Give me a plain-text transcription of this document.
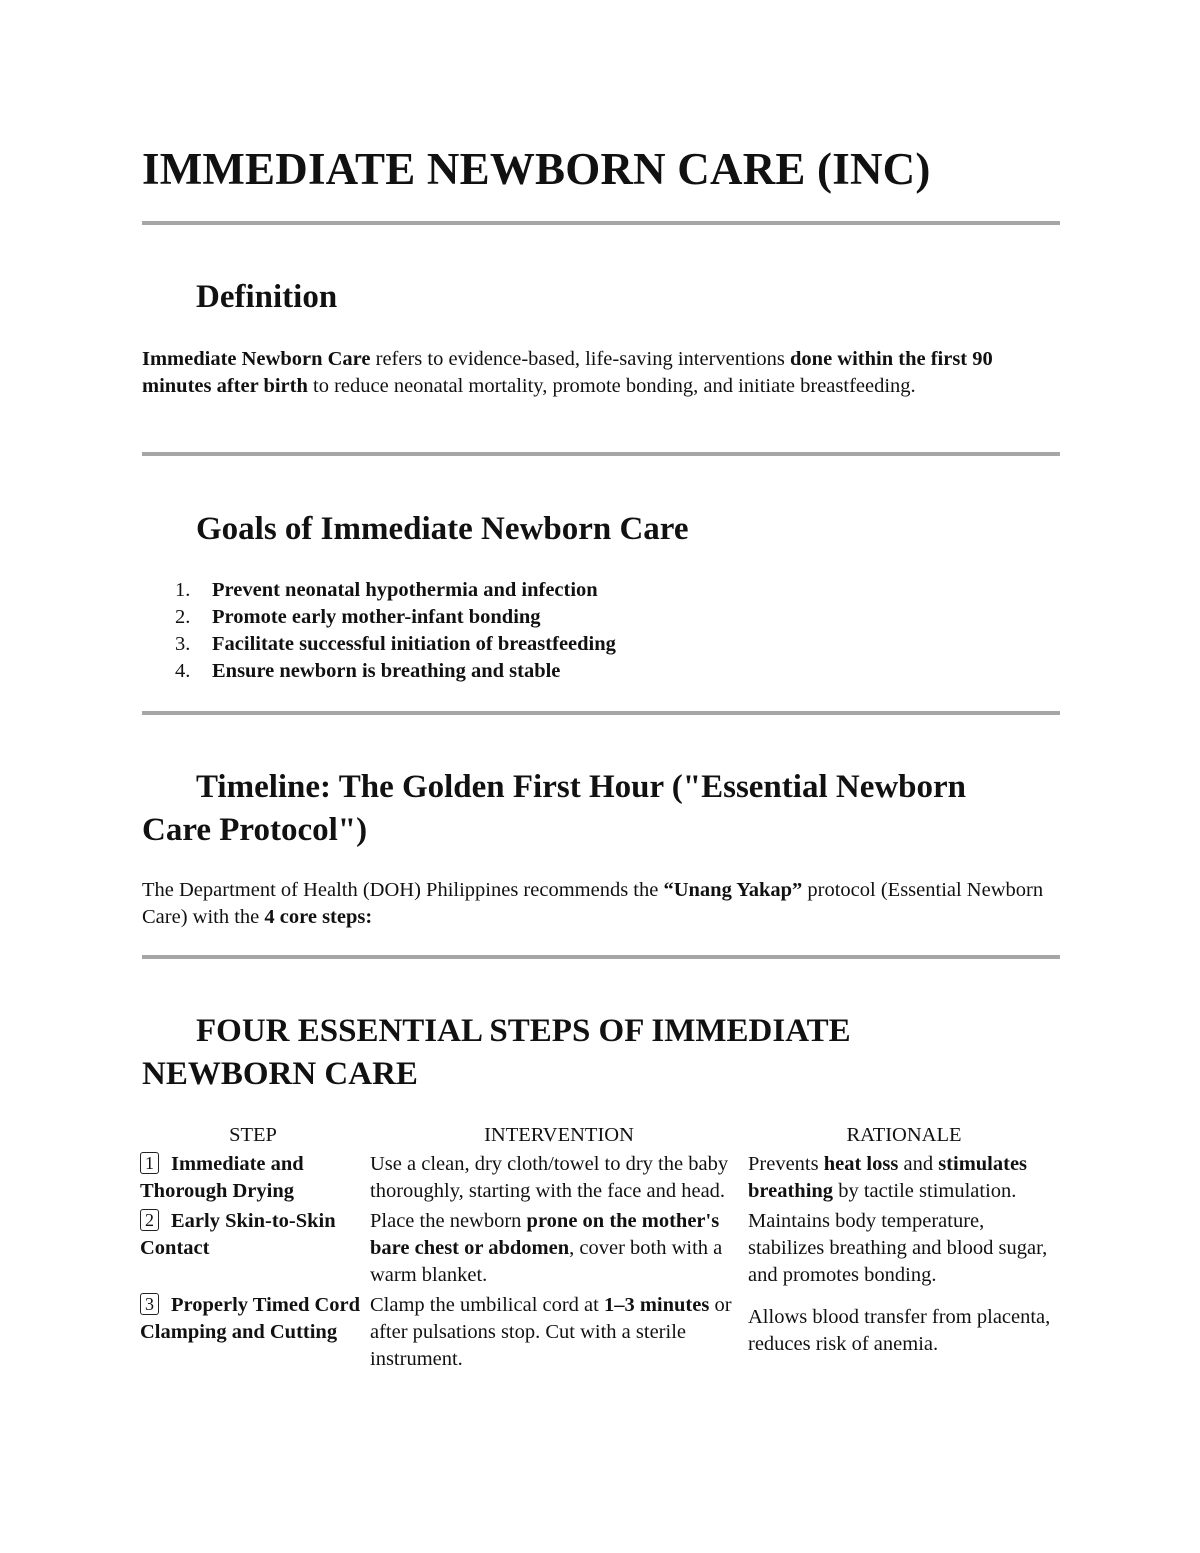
IMMEDIATE NEWBORN CARE (INC)
Definition

Immediate Newborn Care refers to evidence-based, life-saving interventions done within the first 90 minutes after birth to reduce neonatal mortality, promote bonding, and initiate breastfeeding.

Goals of Immediate Newborn Care
1. Prevent neonatal hypothermia and infection
2. Promote early mother-infant bonding
3. Facilitate successful initiation of breastfeeding
4. Ensure newborn is breathing and stable
Timeline: The Golden First Hour ("Essential Newborn
Care Protocol")

The Department of Health (DOH) Philippines recommends the “Unang Yakap” protocol (Essential Newborn Care) with the 4 core steps:

FOUR ESSENTIAL STEPS OF IMMEDIATE
NEWBORN CARE
STEP	INTERVENTION	RATIONALE
1 Immediate and Thorough Drying	Use a clean, dry cloth/towel to dry the baby thoroughly, starting with the face and head.	Prevents heat loss and stimulates breathing by tactile stimulation.
2 Early Skin-to-Skin Contact	Place the newborn prone on the mother's bare chest or abdomen, cover both with a warm blanket.	Maintains body temperature, stabilizes breathing and blood sugar, and promotes bonding.
3 Properly Timed Cord Clamping and Cutting	Clamp the umbilical cord at 1–3 minutes or after pulsations stop. Cut with a sterile instrument.	Allows blood transfer from placenta, reduces risk of anemia.
